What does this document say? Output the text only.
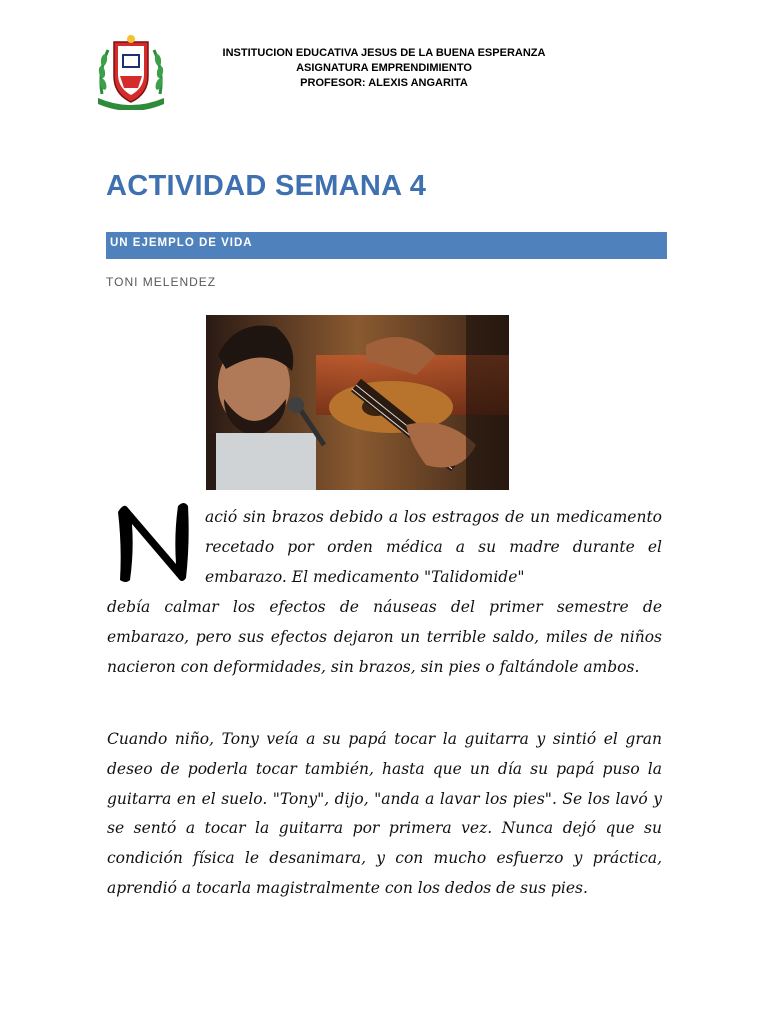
INSTITUCION EDUCATIVA JESUS DE LA BUENA ESPERANZA
ASIGNATURA EMPRENDIMIENTO
PROFESOR: ALEXIS ANGARITA
ACTIVIDAD SEMANA 4
UN EJEMPLO DE VIDA
TONI MELENDEZ
ació sin brazos debido a los estragos de un medicamento recetado por orden médica a su madre durante el embarazo. El medicamento "Talidomide"
debía calmar los efectos de náuseas del primer semestre de embarazo, pero sus efectos dejaron un terrible saldo, miles de niños nacieron con deformidades, sin brazos, sin pies o faltándole ambos.
Cuando niño, Tony veía a su papá tocar la guitarra y sintió el gran deseo de poderla tocar también, hasta que un día su papá puso la guitarra en el suelo. "Tony", dijo, "anda a lavar los pies". Se los lavó y se sentó a tocar la guitarra por primera vez. Nunca dejó que su condición física le desanimara, y con mucho esfuerzo y práctica, aprendió a tocarla magistralmente con los dedos de sus pies.
